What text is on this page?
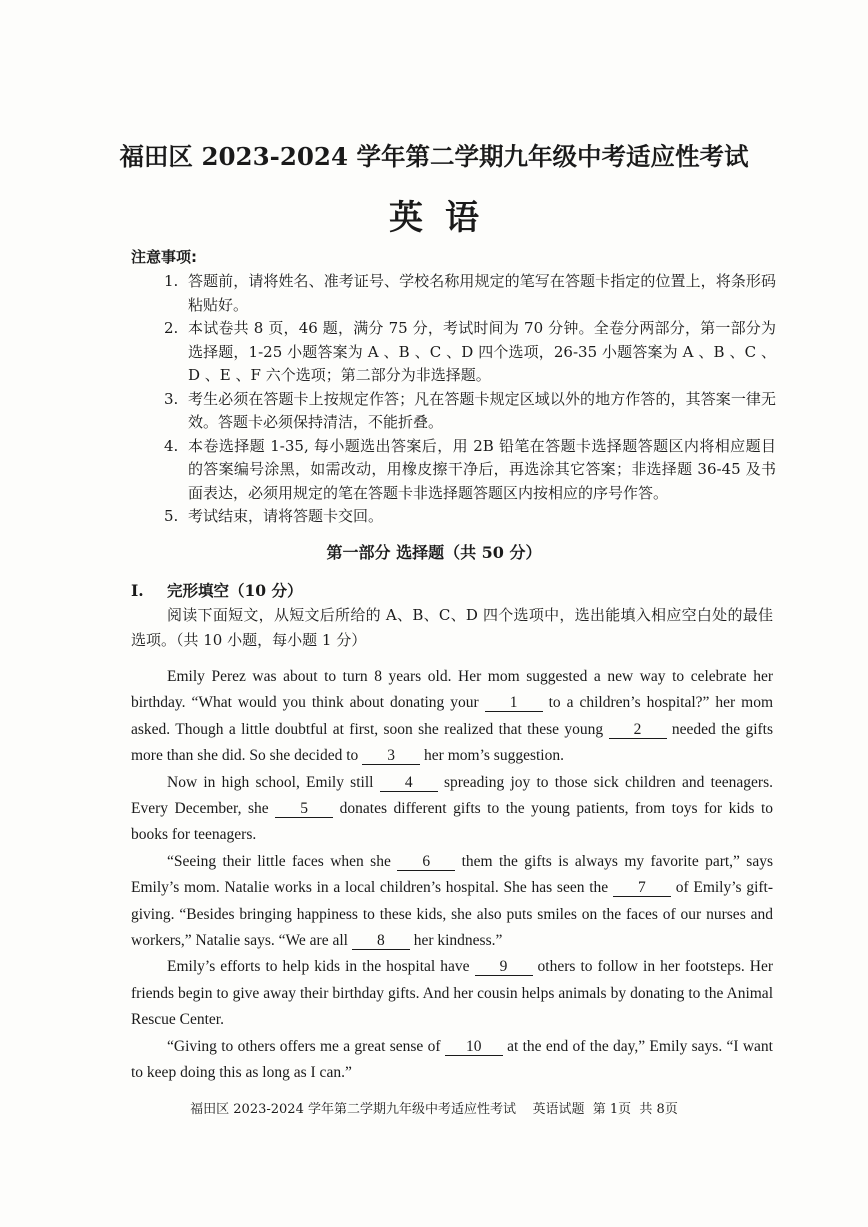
福田区 2023-2024 学年第二学期九年级中考适应性考试
英语
注意事项:
1. 答题前，请将姓名、准考证号、学校名称用规定的笔写在答题卡指定的位置上，将条形码粘贴好。
2. 本试卷共 8 页，46 题，满分 75 分，考试时间为 70 分钟。全卷分两部分，第一部分为选择题，1-25 小题答案为 A 、B 、C 、D 四个选项，26-35 小题答案为 A 、B 、C 、D 、E 、F 六个选项；第二部分为非选择题。
3. 考生必须在答题卡上按规定作答；凡在答题卡规定区域以外的地方作答的，其答案一律无效。答题卡必须保持清洁，不能折叠。
4. 本卷选择题 1-35, 每小题选出答案后，用 2B 铅笔在答题卡选择题答题区内将相应题目的答案编号涂黑，如需改动，用橡皮擦干净后，再选涂其它答案；非选择题 36-45 及书面表达，必须用规定的笔在答题卡非选择题答题区内按相应的序号作答。
5. 考试结束，请将答题卡交回。
第一部分 选择题（共 50 分）
I. 完形填空（10 分）
阅读下面短文，从短文后所给的 A、B、C、D 四个选项中，选出能填入相应空白处的最佳选项。（共 10 小题，每小题 1 分）
Emily Perez was about to turn 8 years old. Her mom suggested a new way to celebrate her birthday. “What would you think about donating your 1 to a children’s hospital?” her mom asked. Though a little doubtful at first, soon she realized that these young 2 needed the gifts more than she did. So she decided to 3 her mom’s suggestion.
Now in high school, Emily still 4 spreading joy to those sick children and teenagers. Every December, she 5 donates different gifts to the young patients, from toys for kids to books for teenagers.
“Seeing their little faces when she 6 them the gifts is always my favorite part,” says Emily’s mom. Natalie works in a local children’s hospital. She has seen the 7 of Emily’s gift-giving. “Besides bringing happiness to these kids, she also puts smiles on the faces of our nurses and workers,” Natalie says. “We are all 8 her kindness.”
Emily’s efforts to help kids in the hospital have 9 others to follow in her footsteps. Her friends begin to give away their birthday gifts. And her cousin helps animals by donating to the Animal Rescue Center.
“Giving to others offers me a great sense of 10 at the end of the day,” Emily says. “I want to keep doing this as long as I can.”
福田区 2023-2024 学年第二学期九年级中考适应性考试    英语试题  第 1页  共 8页
